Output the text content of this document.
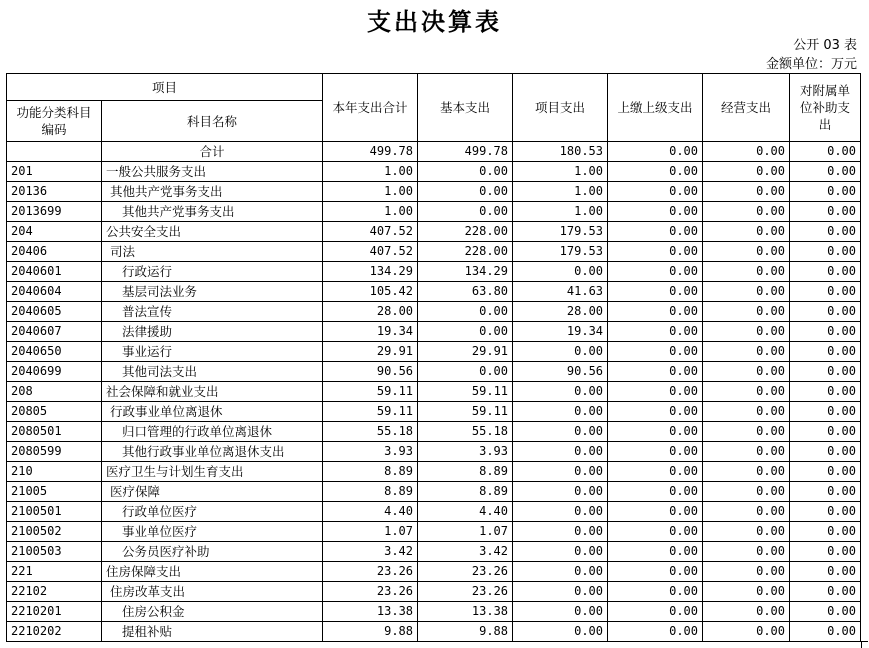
支出决算表
公开 03 表
金额单位：万元
项目		本年支出合计	基本支出	项目支出	上缴上级支出	经营支出	对附属单位补助支出
功能分类科目编码	科目名称						
	合计	499.78	499.78	180.53	0.00	0.00	0.00
201	一般公共服务支出	1.00	0.00	1.00	0.00	0.00	0.00
20136	其他共产党事务支出	1.00	0.00	1.00	0.00	0.00	0.00
2013699	其他共产党事务支出	1.00	0.00	1.00	0.00	0.00	0.00
204	公共安全支出	407.52	228.00	179.53	0.00	0.00	0.00
20406	司法	407.52	228.00	179.53	0.00	0.00	0.00
2040601	行政运行	134.29	134.29	0.00	0.00	0.00	0.00
2040604	基层司法业务	105.42	63.80	41.63	0.00	0.00	0.00
2040605	普法宣传	28.00	0.00	28.00	0.00	0.00	0.00
2040607	法律援助	19.34	0.00	19.34	0.00	0.00	0.00
2040650	事业运行	29.91	29.91	0.00	0.00	0.00	0.00
2040699	其他司法支出	90.56	0.00	90.56	0.00	0.00	0.00
208	社会保障和就业支出	59.11	59.11	0.00	0.00	0.00	0.00
20805	行政事业单位离退休	59.11	59.11	0.00	0.00	0.00	0.00
2080501	归口管理的行政单位离退休	55.18	55.18	0.00	0.00	0.00	0.00
2080599	其他行政事业单位离退休支出	3.93	3.93	0.00	0.00	0.00	0.00
210	医疗卫生与计划生育支出	8.89	8.89	0.00	0.00	0.00	0.00
21005	医疗保障	8.89	8.89	0.00	0.00	0.00	0.00
2100501	行政单位医疗	4.40	4.40	0.00	0.00	0.00	0.00
2100502	事业单位医疗	1.07	1.07	0.00	0.00	0.00	0.00
2100503	公务员医疗补助	3.42	3.42	0.00	0.00	0.00	0.00
221	住房保障支出	23.26	23.26	0.00	0.00	0.00	0.00
22102	住房改革支出	23.26	23.26	0.00	0.00	0.00	0.00
2210201	住房公积金	13.38	13.38	0.00	0.00	0.00	0.00
2210202	提租补贴	9.88	9.88	0.00	0.00	0.00	0.00
